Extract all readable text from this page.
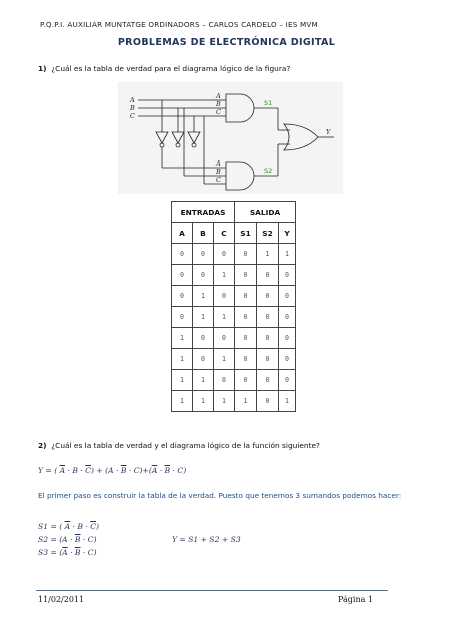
P.Q.P.I. AUXILIAR MUNTATGE ORDINADORS – CARLOS CARDELO – IES MVM
PROBLEMAS DE ELECTRÓNICA DIGITAL
1) ¿Cuál es la tabla de verdad para el diagrama lógico de la figura?
A
B
C
A
B
C
Ā
B
C
Y
S1
S2
ENTRADAS			SALIDA		
A	B	C	S1	S2	Y
0	0	0	0	1	1
0	0	1	0	0	0
0	1	0	0	0	0
0	1	1	0	0	0
1	0	0	0	0	0
1	0	1	0	0	0
1	1	0	0	0	0
1	1	1	1	0	1
2) ¿Cuál es la tabla de verdad y el diagrama lógico de la función siguiente?
Y = ( $\overline{A} \cdot B \cdot \overline{C}) + (A \cdot \overline{B} \cdot C)+(\overline{A} \cdot \overline{B} \cdot C)$
El primer paso es construir la tabla de la verdad. Puesto que tenemos 3 sumandos podemos hacer:
S1 = ( $\overline{A} \cdot B \cdot \overline{C}$)
$S2 = (A \cdot \overline{B} \cdot C)$
$S3 = (\overline{A} \cdot \overline{B} \cdot C)$
Y = S1 + S2 + S3
11/02/2011	Página 1
